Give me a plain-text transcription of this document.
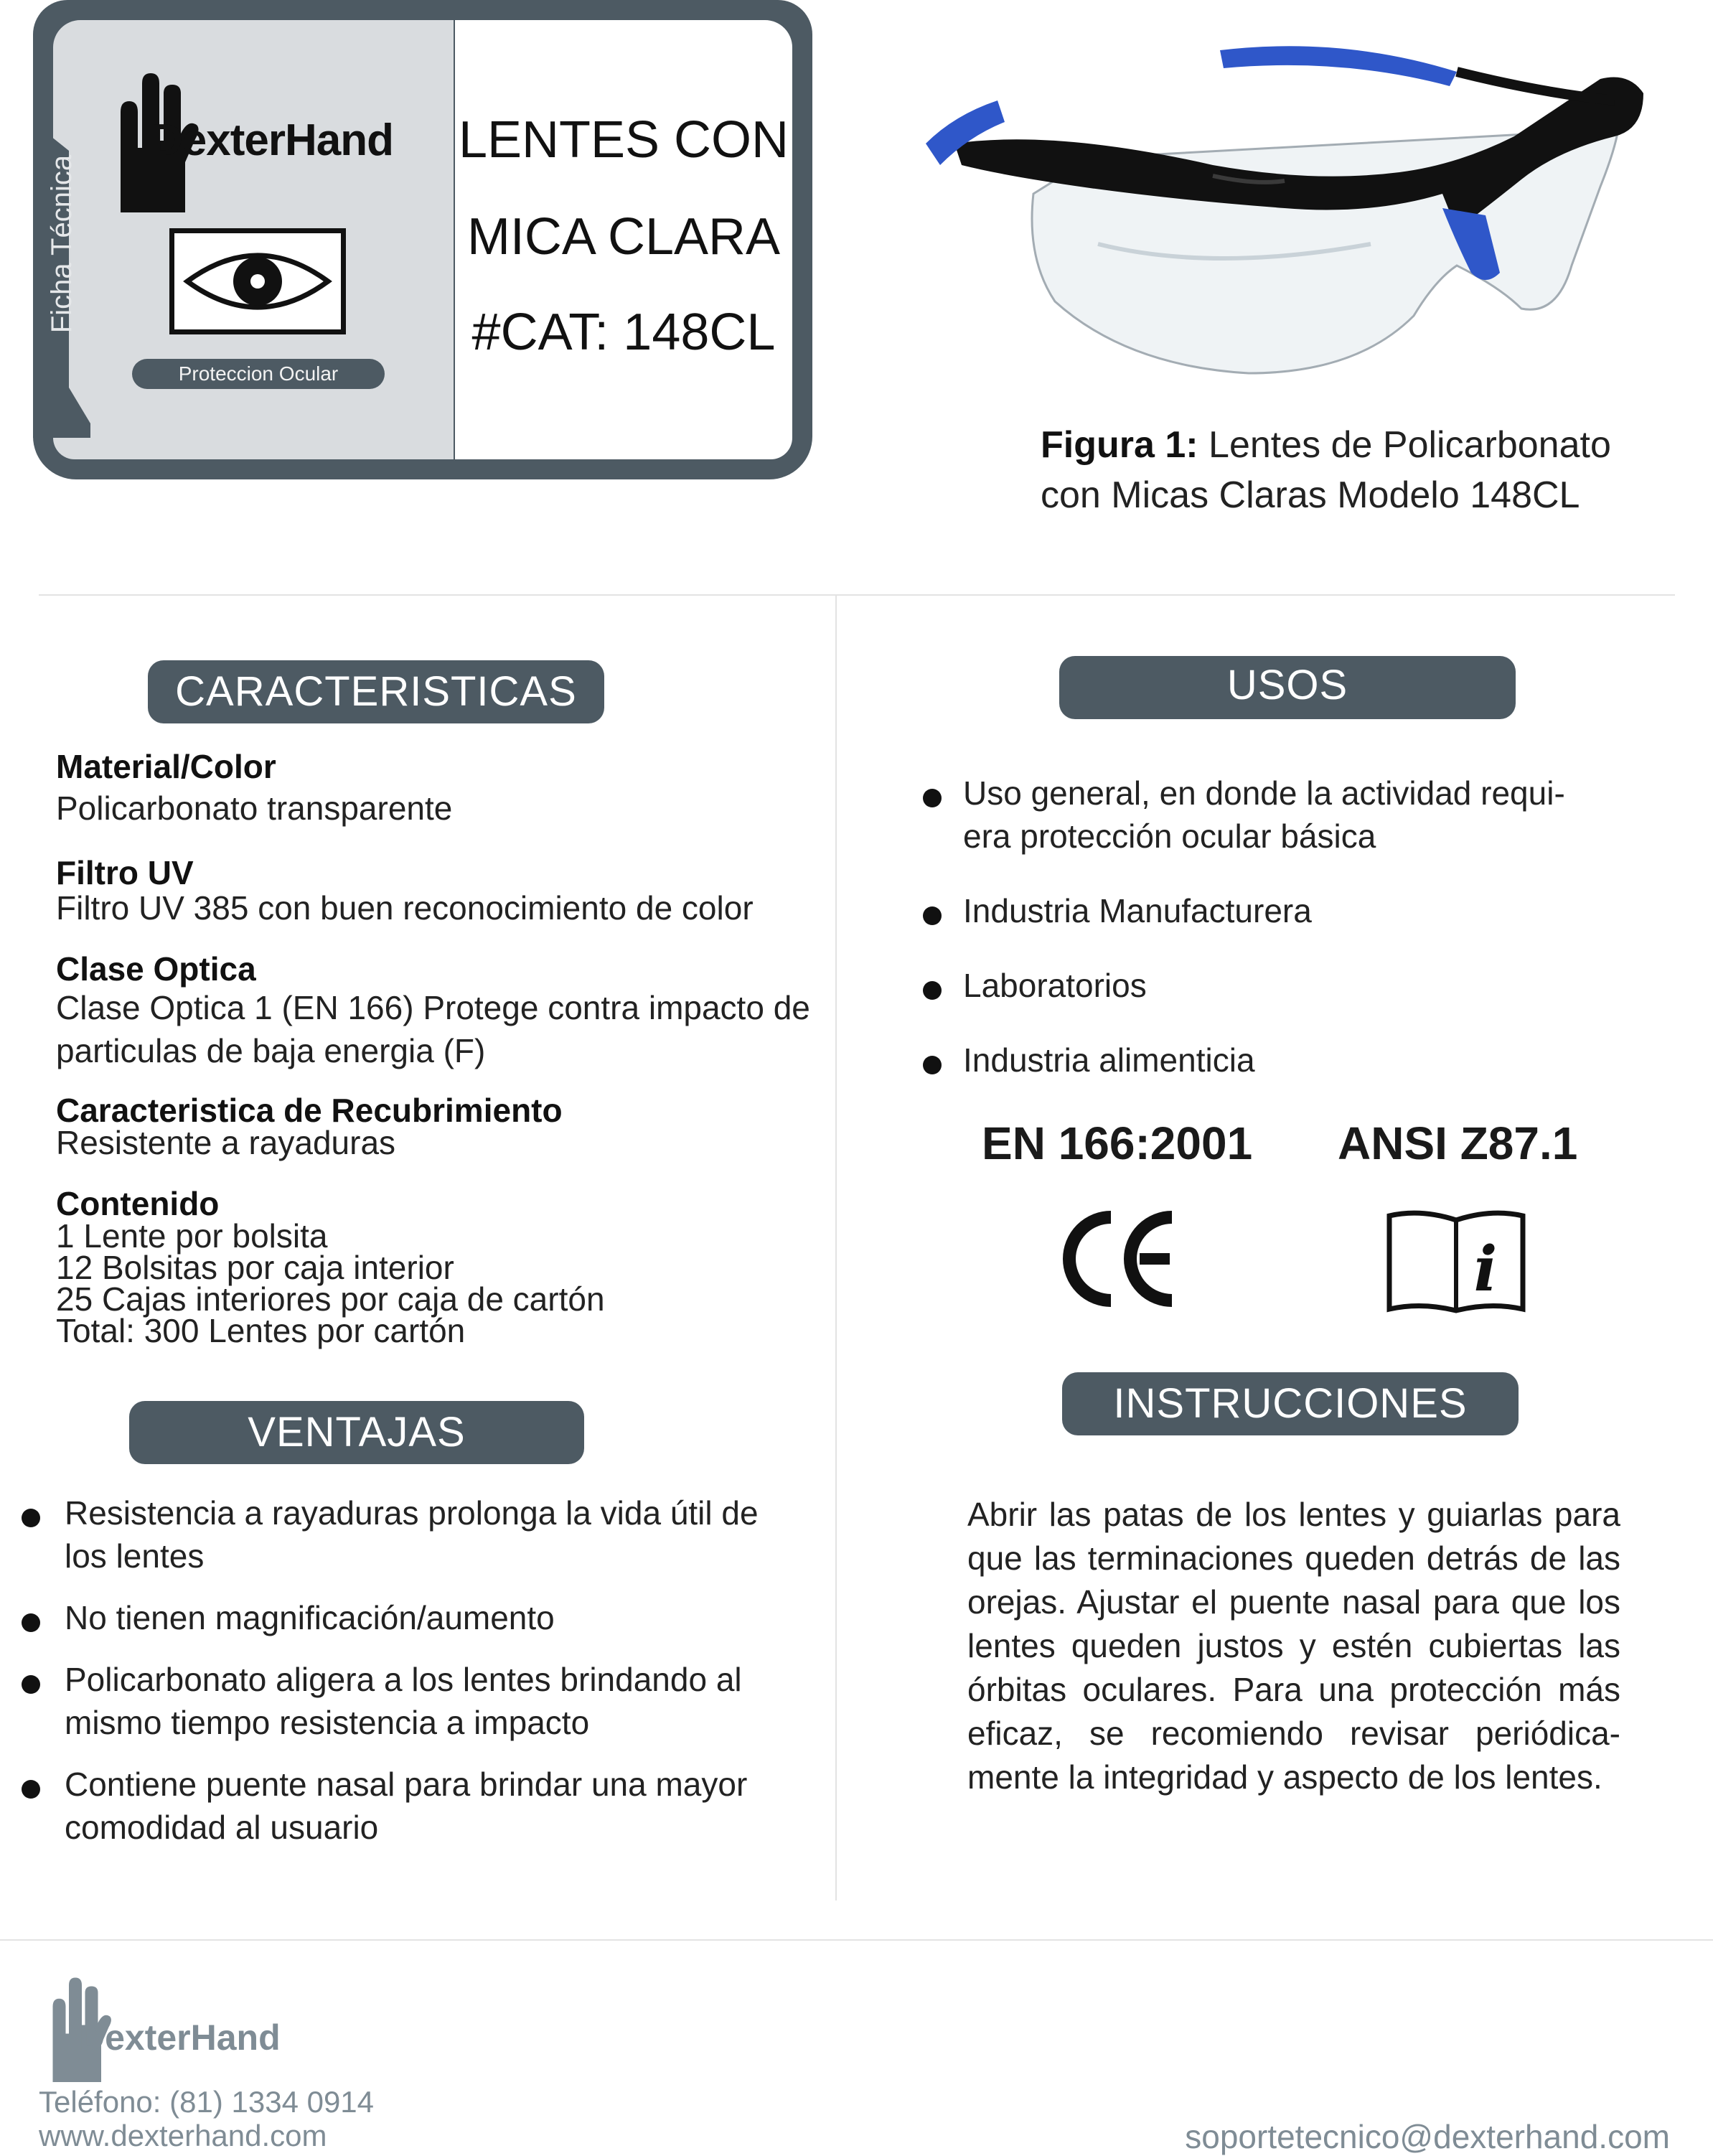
Ficha Técnica
DexterHand
Proteccion Ocular
LENTES CON
MICA CLARA
#CAT: 148CL
Figura 1: Lentes de Policarbonato con Micas Claras Modelo 148CL
CARACTERISTICAS
Material/Color
Policarbonato transparente
Filtro UV
Filtro UV 385 con buen reconocimiento de color
Clase Optica
Clase Optica 1 (EN 166) Protege contra impacto de particulas de baja energia (F)
Caracteristica de Recubrimiento
Resistente a rayaduras
Contenido
1 Lente por bolsita
12 Bolsitas por caja interior
25 Cajas interiores por caja de cartón
Total: 300 Lentes por cartón
VENTAJAS
Resistencia a rayaduras prolonga la vida útil de los lentes
No tienen magnificación/aumento
Policarbonato aligera a los lentes brindando al mismo tiempo resistencia a impacto
Contiene puente nasal para brindar una mayor comodidad al usuario
USOS
Uso general, en donde la actividad requi-era protección ocular básica
Industria Manufacturera
Laboratorios
Industria alimenticia
EN 166:2001 ANSI Z87.1
i
INSTRUCCIONES
Abrir las patas de los lentes y guiarlas para que las terminaciones queden detrás de las orejas. Ajustar el puente nasal para que los lentes queden justos y estén cubiertas las órbitas oculares. Para una protección más eficaz, se recomiendo revisar periódica-mente la integridad y aspecto de los lentes.
DexterHand
Teléfono: (81) 1334 0914
www.dexterhand.com	soportetecnico@dexterhand.com
